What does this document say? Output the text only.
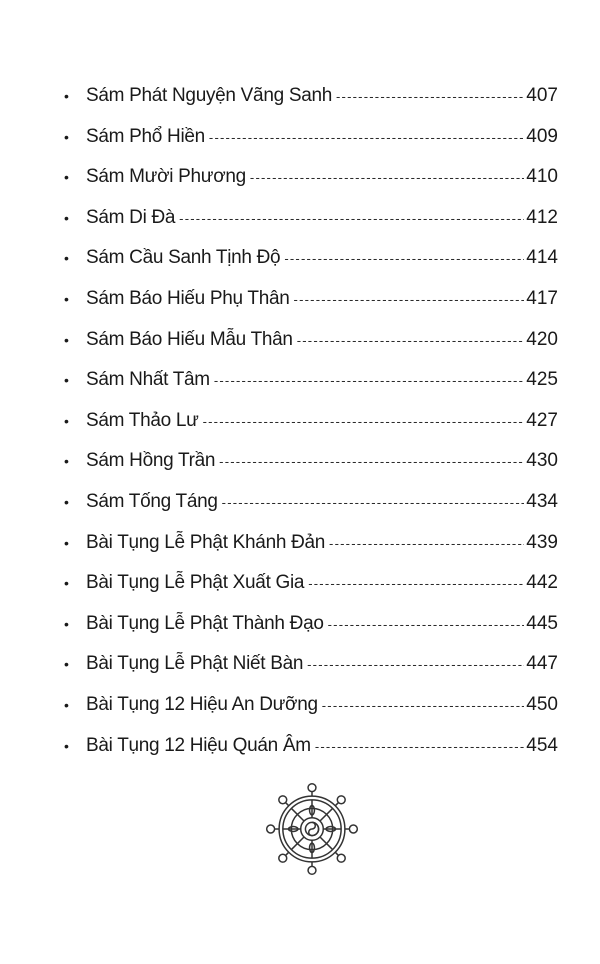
• Sám Phát Nguyện Vãng Sanh - - -	407
• Sám Phổ Hiền - - -	409
• Sám Mười Phương - - -	410
• Sám Di Đà - - -	412
• Sám Cầu Sanh Tịnh Độ - - -	414
• Sám Báo Hiếu Phụ Thân - - -	417
• Sám Báo Hiếu Mẫu Thân - - -	420
• Sám Nhất Tâm - - -	425
• Sám Thảo Lư - - -	427
• Sám Hồng Trần - - -	430
• Sám Tống Táng - - -	434
• Bài Tụng Lễ Phật Khánh Đản - - -	439
• Bài Tụng Lễ Phật Xuất Gia - - -	442
• Bài Tụng Lễ Phật Thành Đạo - - -	445
• Bài Tụng Lễ Phật Niết Bàn - - -	447
• Bài Tụng 12 Hiệu An Dưỡng - - -	450
• Bài Tụng 12 Hiệu Quán Âm - - -	454
